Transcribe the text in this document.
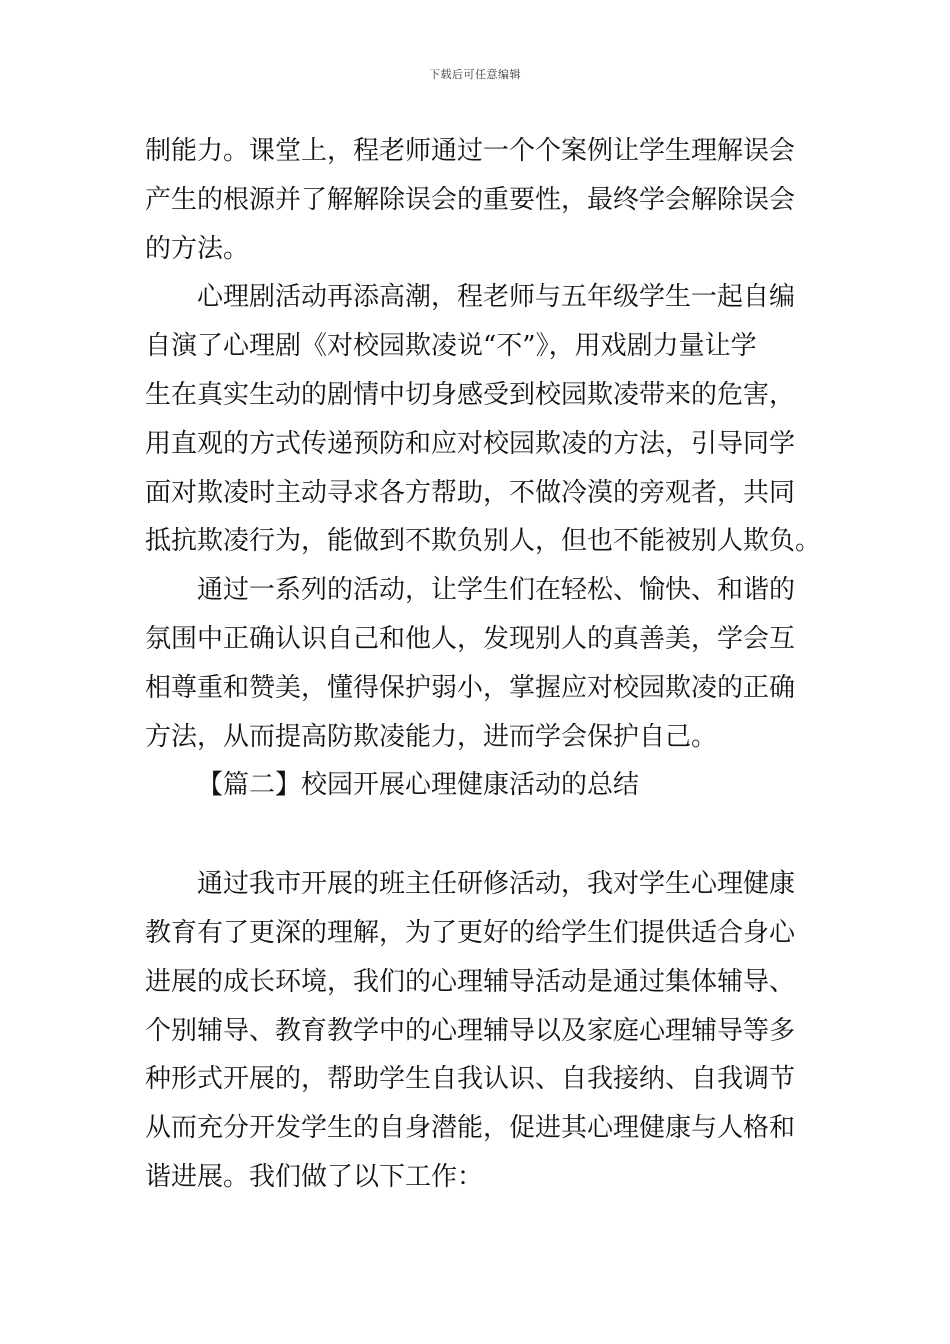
下载后可任意编辑
制能力。课堂上，程老师通过一个个案例让学生理解误会
产生的根源并了解解除误会的重要性，最终学会解除误会
的方法。
心理剧活动再添高潮，程老师与五年级学生一起自编
自演了心理剧《对校园欺凌说“不”》，用戏剧力量让学
生在真实生动的剧情中切身感受到校园欺凌带来的危害，
用直观的方式传递预防和应对校园欺凌的方法，引导同学
面对欺凌时主动寻求各方帮助，不做冷漠的旁观者，共同
抵抗欺凌行为，能做到不欺负别人，但也不能被别人欺负。
通过一系列的活动，让学生们在轻松、愉快、和谐的
氛围中正确认识自己和他人，发现别人的真善美，学会互
相尊重和赞美，懂得保护弱小，掌握应对校园欺凌的正确
方法，从而提高防欺凌能力，进而学会保护自己。
【篇二】校园开展心理健康活动的总结
通过我市开展的班主任研修活动，我对学生心理健康
教育有了更深的理解，为了更好的给学生们提供适合身心
进展的成长环境，我们的心理辅导活动是通过集体辅导、
个别辅导、教育教学中的心理辅导以及家庭心理辅导等多
种形式开展的，帮助学生自我认识、自我接纳、自我调节
从而充分开发学生的自身潜能，促进其心理健康与人格和
谐进展。我们做了以下工作：
